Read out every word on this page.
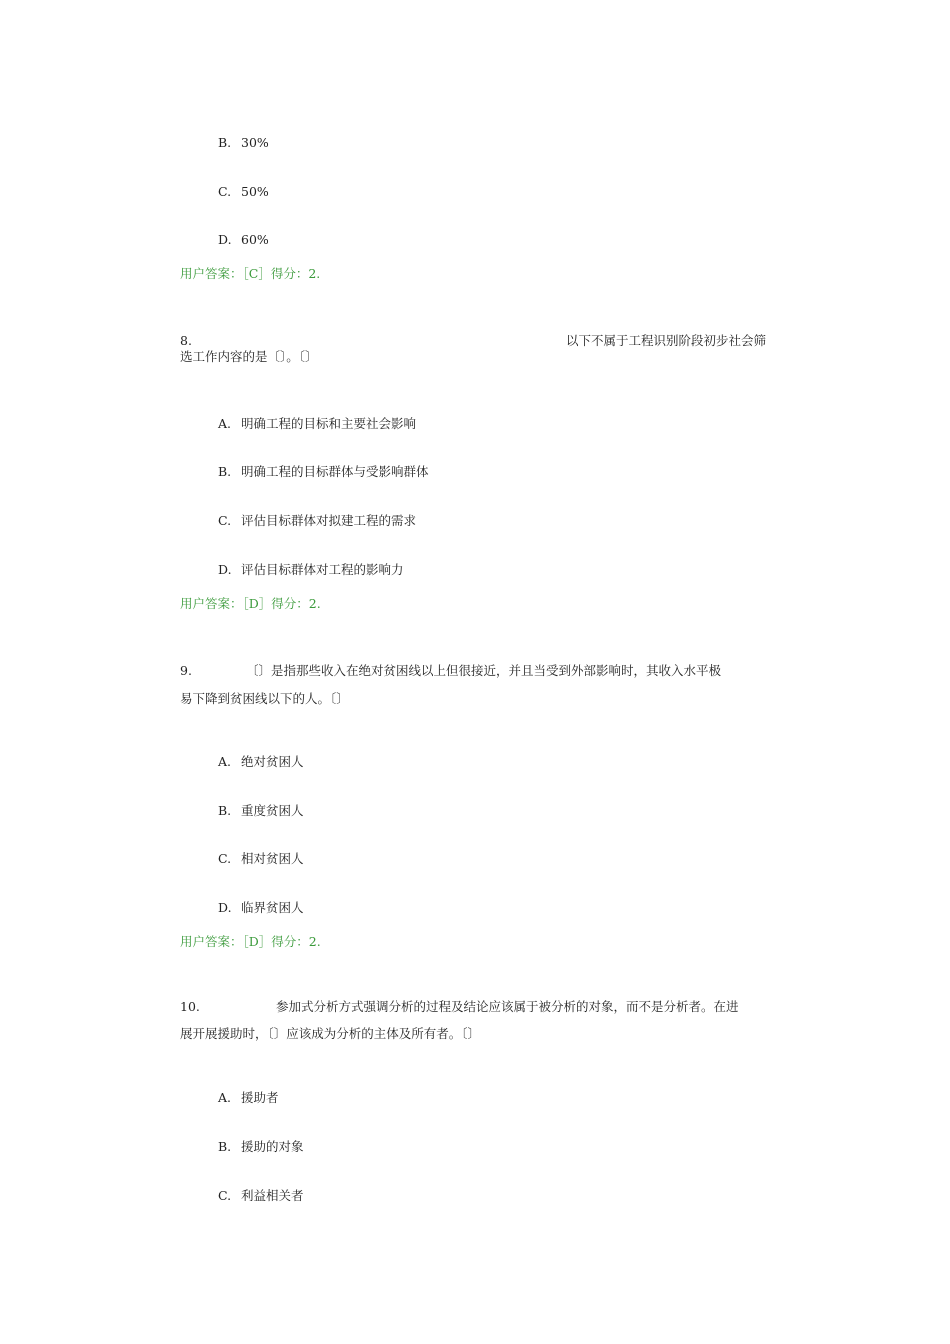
B. 30%
C. 50%
D. 60%
用户答案：［C］得分：2.
8.	以下不属于工程识别阶段初步社会筛
选工作内容的是〔〕。〔〕
A. 明确工程的目标和主要社会影响
B. 明确工程的目标群体与受影响群体
C. 评估目标群体对拟建工程的需求
D. 评估目标群体对工程的影响力
用户答案：［D］得分：2.
9.	〔〕是指那些收入在绝对贫困线以上但很接近，并且当受到外部影响时，其收入水平极
易下降到贫困线以下的人。〔〕
A. 绝对贫困人
B. 重度贫困人
C. 相对贫困人
D. 临界贫困人
用户答案：［D］得分：2.
10.	参加式分析方式强调分析的过程及结论应该属于被分析的对象，而不是分析者。在进
展开展援助时，〔〕应该成为分析的主体及所有者。〔〕
A. 援助者
B. 援助的对象
C. 利益相关者
